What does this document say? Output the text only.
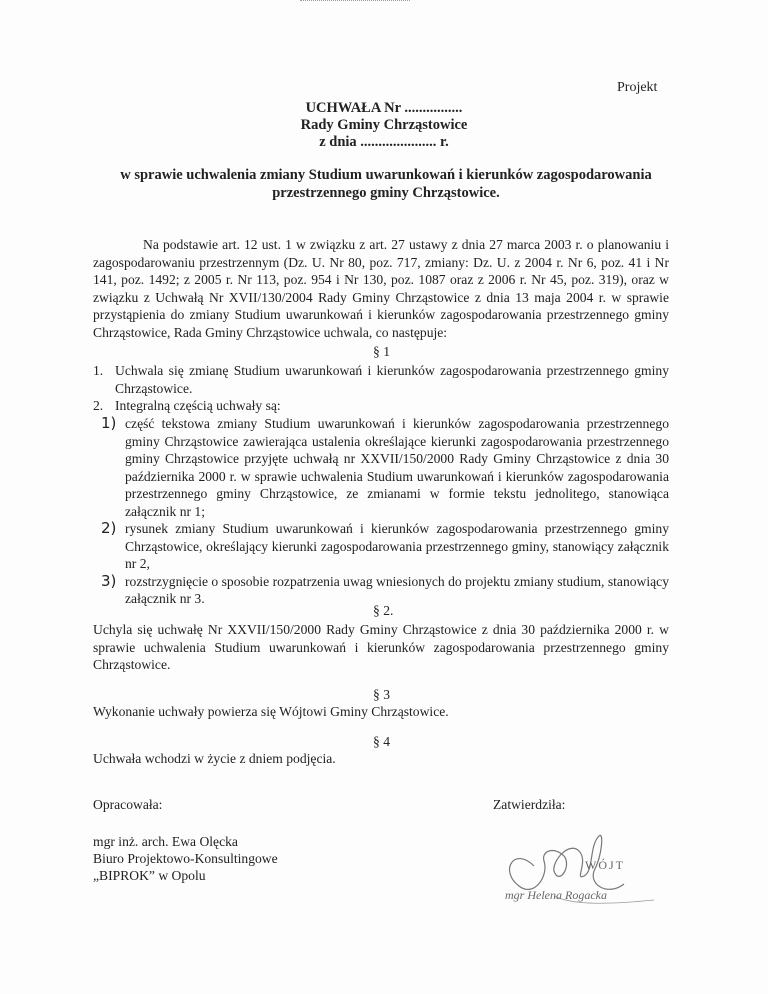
Projekt
UCHWAŁA Nr ................
Rady Gminy Chrząstowice
z dnia ..................... r.
w sprawie uchwalenia zmiany Studium uwarunkowań i kierunków zagospodarowania przestrzennego gminy Chrząstowice.
Na podstawie art. 12 ust. 1 w związku z art. 27 ustawy z dnia 27 marca 2003 r. o planowaniu i zagospodarowaniu przestrzennym (Dz. U. Nr 80, poz. 717, zmiany: Dz. U. z 2004 r. Nr 6, poz. 41 i Nr 141, poz. 1492; z 2005 r. Nr 113, poz. 954 i Nr 130, poz. 1087 oraz z 2006 r. Nr 45, poz. 319), oraz w związku z Uchwałą Nr XVII/130/2004 Rady Gminy Chrząstowice z dnia 13 maja 2004 r. w sprawie przystąpienia do zmiany Studium uwarunkowań i kierunków zagospodarowania przestrzennego gminy Chrząstowice, Rada Gminy Chrząstowice uchwala, co następuje:
§ 1
1. Uchwala się zmianę Studium uwarunkowań i kierunków zagospodarowania przestrzennego gminy Chrząstowice.
2. Integralną częścią uchwały są:
1) część tekstowa zmiany Studium uwarunkowań i kierunków zagospodarowania przestrzennego gminy Chrząstowice zawierająca ustalenia określające kierunki zagospodarowania przestrzennego gminy Chrząstowice przyjęte uchwałą nr XXVII/150/2000 Rady Gminy Chrząstowice z dnia 30 października 2000 r. w sprawie uchwalenia Studium uwarunkowań i kierunków zagospodarowania przestrzennego gminy Chrząstowice, ze zmianami w formie tekstu jednolitego, stanowiąca załącznik nr 1;
2) rysunek zmiany Studium uwarunkowań i kierunków zagospodarowania przestrzennego gminy Chrząstowice, określający kierunki zagospodarowania przestrzennego gminy, stanowiący załącznik nr 2,
3) rozstrzygnięcie o sposobie rozpatrzenia uwag wniesionych do projektu zmiany studium, stanowiący załącznik nr 3.
§ 2.
Uchyla się uchwałę Nr XXVII/150/2000 Rady Gminy Chrząstowice z dnia 30 października 2000 r. w sprawie uchwalenia Studium uwarunkowań i kierunków zagospodarowania przestrzennego gminy Chrząstowice.
§ 3
Wykonanie uchwały powierza się Wójtowi Gminy Chrząstowice.
§ 4
Uchwała wchodzi w życie z dniem podjęcia.
Opracowała:	Zatwierdziła:
mgr inż. arch. Ewa Olęcka
Biuro Projektowo-Konsultingowe
„BIPROK” w Opolu
WÓJT
mgr Helena Rogacka
